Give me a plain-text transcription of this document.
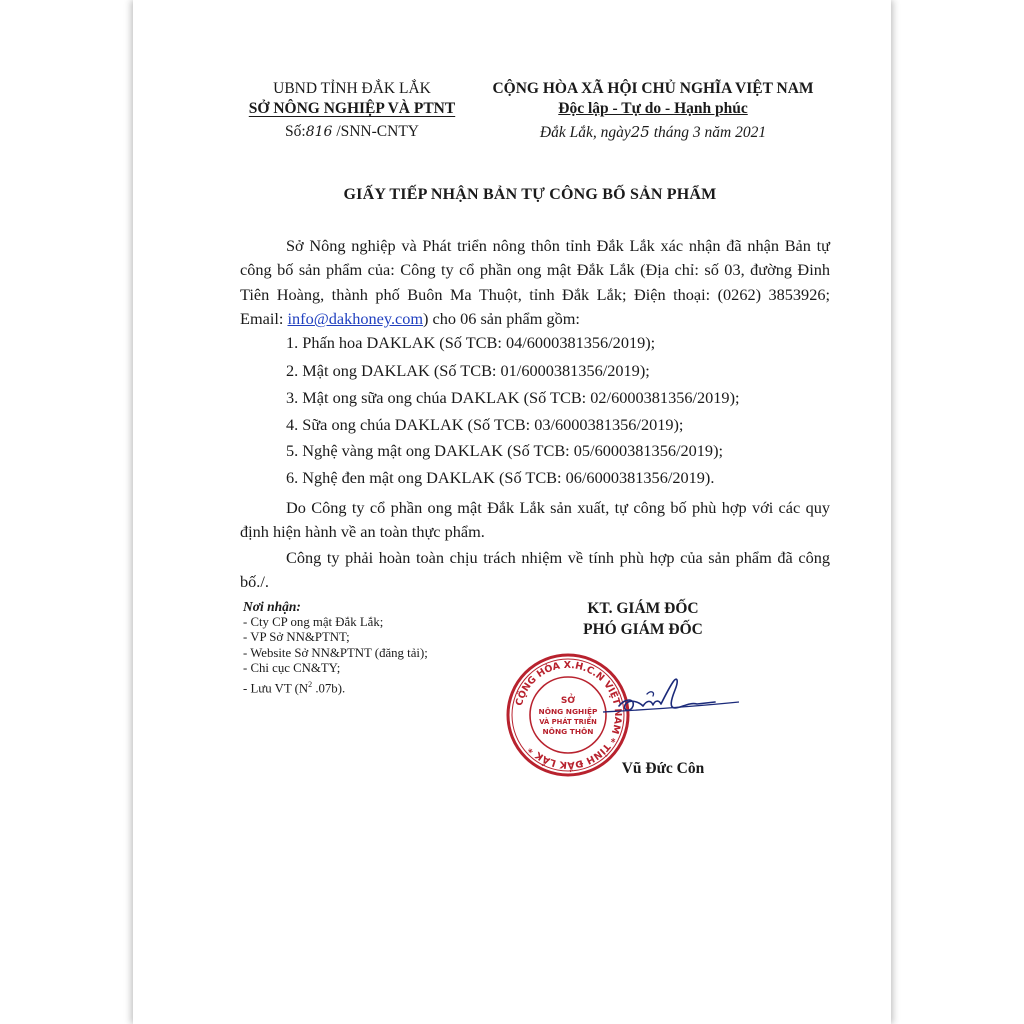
UBND TỈNH ĐẮK LẮK
SỞ NÔNG NGHIỆP VÀ PTNT
Số:816 /SNN-CNTY
CỘNG HÒA XÃ HỘI CHỦ NGHĨA VIỆT NAM
Độc lập - Tự do - Hạnh phúc
Đắk Lắk, ngày25 tháng 3 năm 2021
GIẤY TIẾP NHẬN BẢN TỰ CÔNG BỐ SẢN PHẨM
Sở Nông nghiệp và Phát triển nông thôn tỉnh Đắk Lắk xác nhận đã nhận Bản tự công bố sản phẩm của: Công ty cổ phần ong mật Đắk Lắk (Địa chỉ: số 03, đường Đinh Tiên Hoàng, thành phố Buôn Ma Thuột, tỉnh Đắk Lắk; Điện thoại: (0262) 3853926; Email: info@dakhoney.com) cho 06 sản phẩm gồm:
1. Phấn hoa DAKLAK (Số TCB: 04/6000381356/2019);
2. Mật ong DAKLAK (Số TCB: 01/6000381356/2019);
3. Mật ong sữa ong chúa DAKLAK (Số TCB: 02/6000381356/2019);
4. Sữa ong chúa DAKLAK (Số TCB: 03/6000381356/2019);
5. Nghệ vàng mật ong DAKLAK (Số TCB: 05/6000381356/2019);
6. Nghệ đen mật ong DAKLAK (Số TCB: 06/6000381356/2019).
Do Công ty cổ phần ong mật Đắk Lắk sản xuất, tự công bố phù hợp với các quy định hiện hành về an toàn thực phẩm.
Công ty phải hoàn toàn chịu trách nhiệm về tính phù hợp của sản phẩm đã công bố./.
Nơi nhận:
- Cty CP ong mật Đắk Lắk;
- VP Sở NN&PTNT;
- Website Sở NN&PTNT (đăng tải);
- Chi cục CN&TY;
- Lưu VT ($N^2$ .07b).
KT. GIÁM ĐỐC
PHÓ GIÁM ĐỐC
CỘNG HÒA X.H.C.N VIỆT NAM * TỈNH ĐẮK LẮK *
SỞ
NÔNG NGHIỆP
VÀ PHÁT TRIỂN
NÔNG THÔN
Vũ Đức Côn
